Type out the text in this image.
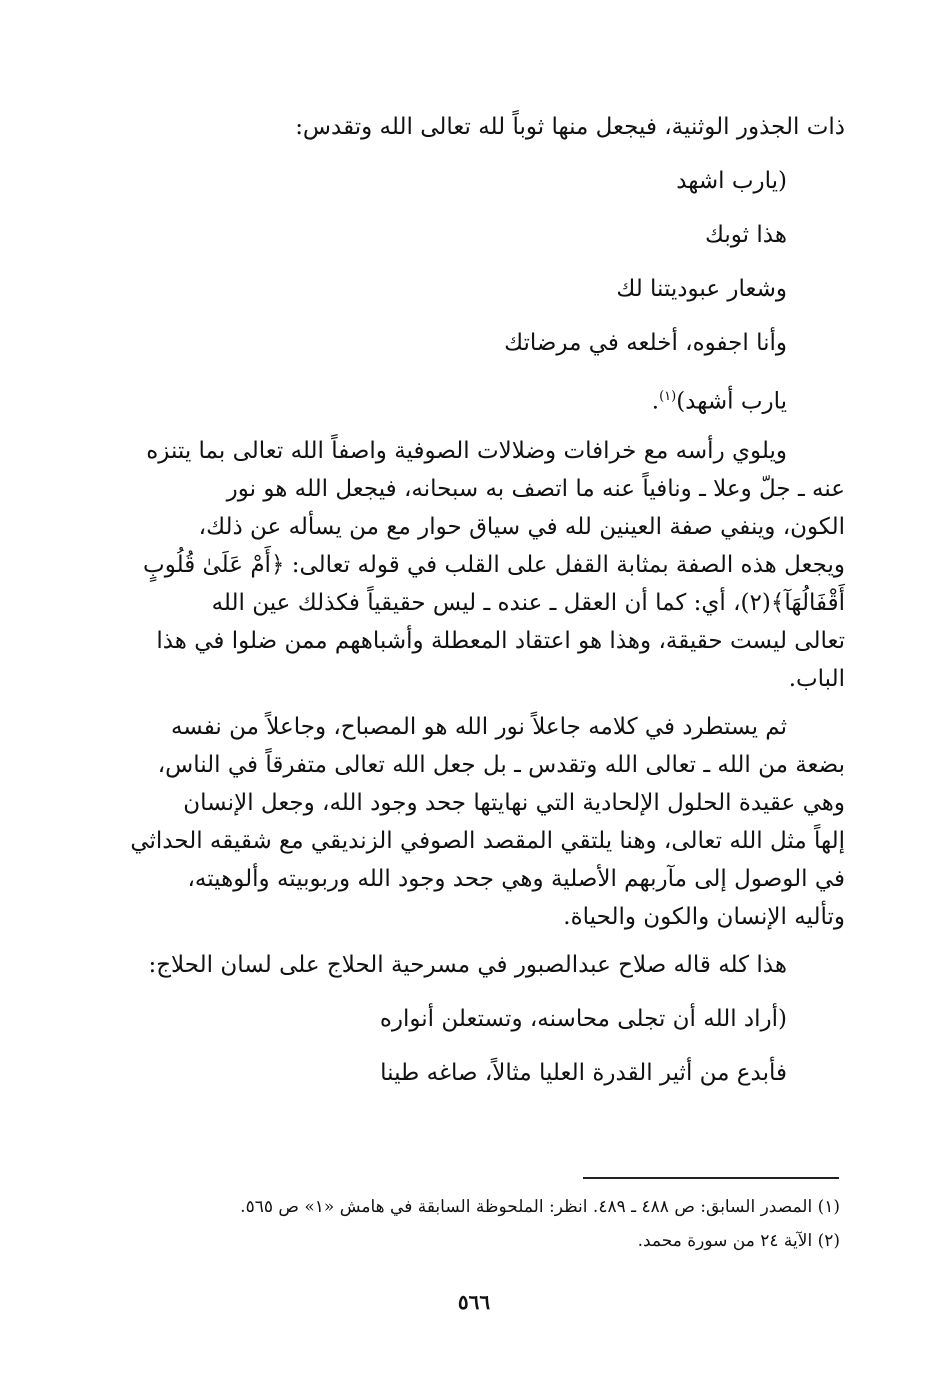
ذات الجذور الوثنية، فيجعل منها ثوباً لله تعالى الله وتقدس:
(يارب اشهد
هذا ثوبك
وشعار عبوديتنا لك
وأنا اجفوه، أخلعه في مرضاتك
يارب أشهد)$^{(١)}$.
ويلوي رأسه مع خرافات وضلالات الصوفية واصفاً الله تعالى بما يتنزه
عنه ـ جلّ وعلا ـ ونافياً عنه ما اتصف به سبحانه، فيجعل الله هو نور
الكون، وينفي صفة العينين لله في سياق حوار مع من يسأله عن ذلك،
ويجعل هذه الصفة بمثابة القفل على القلب في قوله تعالى: ﴿أَمْ عَلَىٰ قُلُوبٍ
أَقْفَالُهَآ﴾(٢)، أي: كما أن العقل ـ عنده ـ ليس حقيقياً فكذلك عين الله
تعالى ليست حقيقة، وهذا هو اعتقاد المعطلة وأشباههم ممن ضلوا في هذا
الباب.
ثم يستطرد في كلامه جاعلاً نور الله هو المصباح، وجاعلاً من نفسه
بضعة من الله ـ تعالى الله وتقدس ـ بل جعل الله تعالى متفرقاً في الناس،
وهي عقيدة الحلول الإلحادية التي نهايتها جحد وجود الله، وجعل الإنسان
إلهاً مثل الله تعالى، وهنا يلتقي المقصد الصوفي الزنديقي مع شقيقه الحداثي
في الوصول إلى مآربهم الأصلية وهي جحد وجود الله وربوبيته وألوهيته،
وتأليه الإنسان والكون والحياة.
هذا كله قاله صلاح عبدالصبور في مسرحية الحلاج على لسان الحلاج:
(أراد الله أن تجلى محاسنه، وتستعلن أنواره
فأبدع من أثير القدرة العليا مثالاً، صاغه طينا
(١) المصدر السابق: ص ٤٨٨ ـ ٤٨٩. انظر: الملحوظة السابقة في هامش «١» ص ٥٦٥.
(٢) الآية ٢٤ من سورة محمد.
٥٦٦
